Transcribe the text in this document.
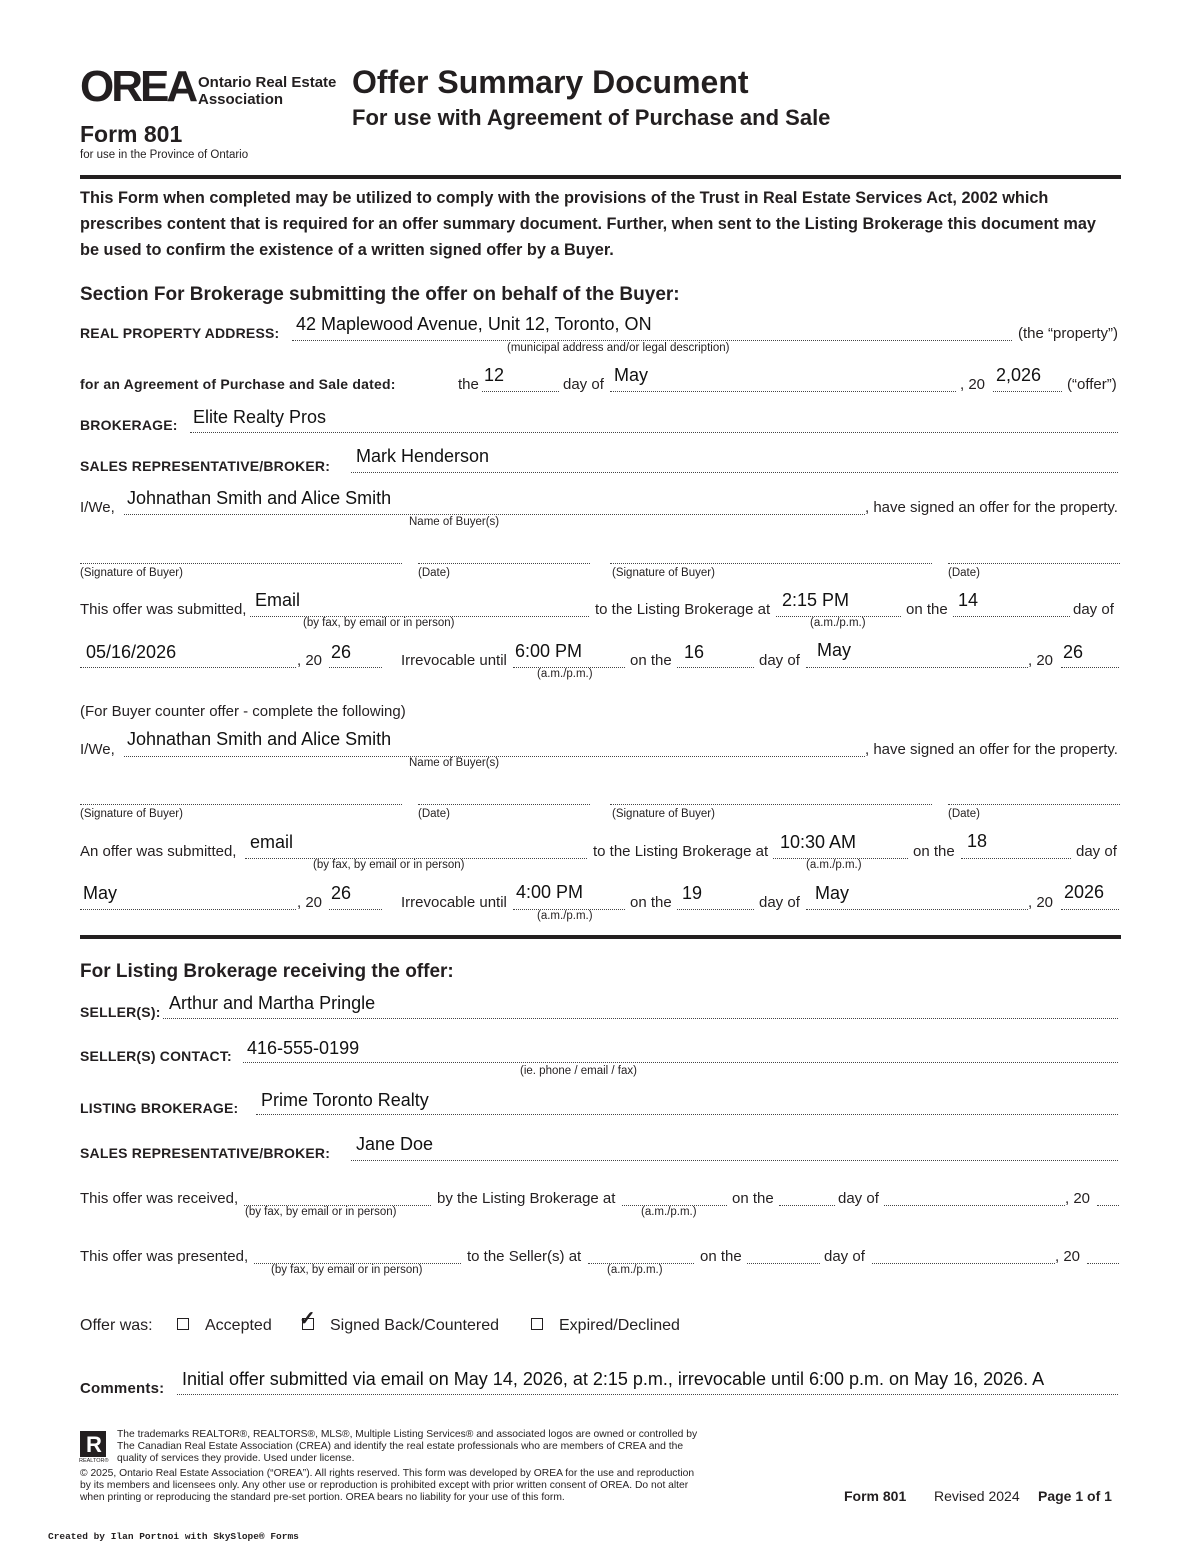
OREA Ontario Real Estate
Association
Form 801
for use in the Province of Ontario
Offer Summary Document
For use with Agreement of Purchase and Sale
This Form when completed may be utilized to comply with the provisions of the Trust in Real Estate Services Act, 2002 which
prescribes content that is required for an offer summary document. Further, when sent to the Listing Brokerage this document may
be used to confirm the existence of a written signed offer by a Buyer.
Section For Brokerage submitting the offer on behalf of the Buyer:
REAL PROPERTY ADDRESS: 42 Maplewood Avenue, Unit 12, Toronto, ON	(the “property”)
(municipal address and/or legal description)
for an Agreement of Purchase and Sale dated:	the 12	day of May	, 20 2,026 (“offer”)
BROKERAGE: Elite Realty Pros
SALES REPRESENTATIVE/BROKER: Mark Henderson
I/We, Johnathan Smith and Alice Smith	, have signed an offer for the property.
Name of Buyer(s)
(Signature of Buyer)	(Date)	(Signature of Buyer)	(Date)
This offer was submitted, Email
(by fax, by email or in person)
to the Listing Brokerage at 2:15 PM
(a.m./p.m.)
on the 14	day of
05/16/2026	, 20 26	Irrevocable until 6:00 PM
(a.m./p.m.)
on the 16	day of
May
, 20 26
(For Buyer counter offer - complete the following)
I/We,
Johnathan Smith and Alice Smith
, have signed an offer for the property.
Name of Buyer(s)
(Signature of Buyer)	(Date)	(Signature of Buyer)	(Date)
An offer was submitted, email
(by fax, by email or in person)
to the Listing Brokerage at 10:30 AM
(a.m./p.m.)
on the
18
day of
May	, 20 26	Irrevocable until
4:00 PM
(a.m./p.m.)
on the 19	day of May	, 20
2026
For Listing Brokerage receiving the offer:
SELLER(S): Arthur and Martha Pringle
SELLER(S) CONTACT: 416-555-0199
(ie. phone / email / fax)
LISTING BROKERAGE: Prime Toronto Realty
SALES REPRESENTATIVE/BROKER: Jane Doe
This offer was received,
(by fax, by email or in person)
by the Listing Brokerage at
(a.m./p.m.)
on the	day of	, 20
This offer was presented,
(by fax, by email or in person)
to the Seller(s) at
(a.m./p.m.)
on the	day of	, 20
Offer was:	Accepted ✓ Signed Back/Countered	Expired/Declined
Comments: Initial offer submitted via email on May 14, 2026, at 2:15 p.m., irrevocable until 6:00 p.m. on May 16, 2026. A
R
REALTOR®
The trademarks REALTOR®, REALTORS®, MLS®, Multiple Listing Services® and associated logos are owned or controlled by
The Canadian Real Estate Association (CREA) and identify the real estate professionals who are members of CREA and the
quality of services they provide. Used under license.
© 2025, Ontario Real Estate Association (“OREA”). All rights reserved. This form was developed by OREA for the use and reproduction
by its members and licensees only. Any other use or reproduction is prohibited except with prior written consent of OREA. Do not alter
when printing or reproducing the standard pre-set portion. OREA bears no liability for your use of this form.	Form 801 Revised 2024 Page 1 of 1
Created by Ilan Portnoi with SkySlope® Forms
